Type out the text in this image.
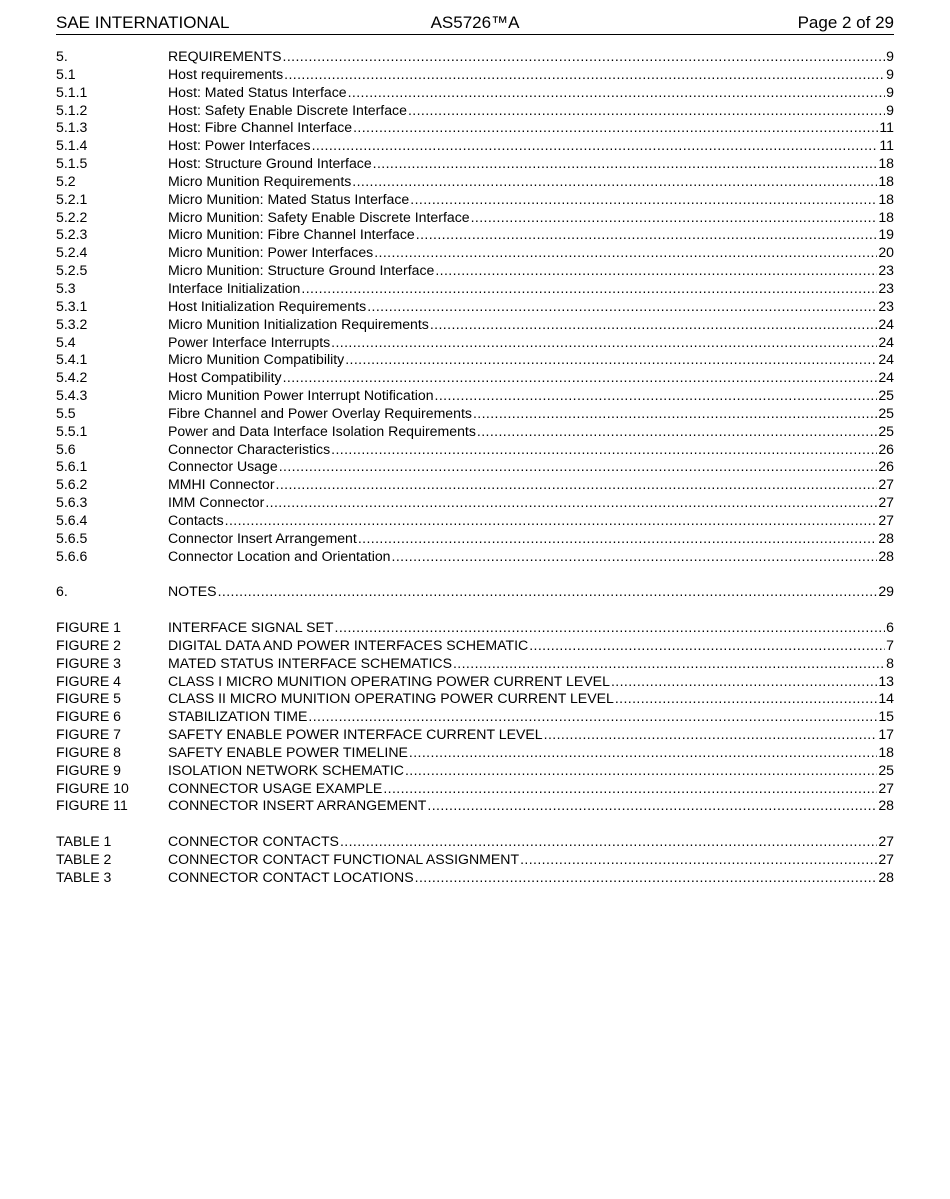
SAE INTERNATIONAL	AS5726™A	Page 2 of 29
5.	REQUIREMENTS .....	9
5.1	Host requirements .....	9
5.1.1	Host: Mated Status Interface .....	9
5.1.2	Host: Safety Enable Discrete Interface .....	9
5.1.3	Host: Fibre Channel Interface .....	11
5.1.4	Host: Power Interfaces .....	11
5.1.5	Host: Structure Ground Interface .....	18
5.2	Micro Munition Requirements .....	18
5.2.1	Micro Munition: Mated Status Interface .....	18
5.2.2	Micro Munition: Safety Enable Discrete Interface .....	18
5.2.3	Micro Munition: Fibre Channel Interface .....	19
5.2.4	Micro Munition: Power Interfaces .....	20
5.2.5	Micro Munition: Structure Ground Interface .....	23
5.3	Interface Initialization .....	23
5.3.1	Host Initialization Requirements .....	23
5.3.2	Micro Munition Initialization Requirements .....	24
5.4	Power Interface Interrupts .....	24
5.4.1	Micro Munition Compatibility .....	24
5.4.2	Host Compatibility .....	24
5.4.3	Micro Munition Power Interrupt Notification .....	25
5.5	Fibre Channel and Power Overlay Requirements .....	25
5.5.1	Power and Data Interface Isolation Requirements .....	25
5.6	Connector Characteristics .....	26
5.6.1	Connector Usage .....	26
5.6.2	MMHI Connector .....	27
5.6.3	IMM Connector .....	27
5.6.4	Contacts .....	27
5.6.5	Connector Insert Arrangement .....	28
5.6.6	Connector Location and Orientation .....	28
6.	NOTES .....	29
FIGURE 1	INTERFACE SIGNAL SET .....	6
FIGURE 2	DIGITAL DATA AND POWER INTERFACES SCHEMATIC .....	7
FIGURE 3	MATED STATUS INTERFACE SCHEMATICS .....	8
FIGURE 4	CLASS I MICRO MUNITION OPERATING POWER CURRENT LEVEL .....	13
FIGURE 5	CLASS II MICRO MUNITION OPERATING POWER CURRENT LEVEL .....	14
FIGURE 6	STABILIZATION TIME .....	15
FIGURE 7	SAFETY ENABLE POWER INTERFACE CURRENT LEVEL .....	17
FIGURE 8	SAFETY ENABLE POWER TIMELINE .....	18
FIGURE 9	ISOLATION NETWORK SCHEMATIC .....	25
FIGURE 10	CONNECTOR USAGE EXAMPLE .....	27
FIGURE 11	CONNECTOR INSERT ARRANGEMENT .....	28
TABLE 1	CONNECTOR CONTACTS .....	27
TABLE 2	CONNECTOR CONTACT FUNCTIONAL ASSIGNMENT .....	27
TABLE 3	CONNECTOR CONTACT LOCATIONS .....	28
